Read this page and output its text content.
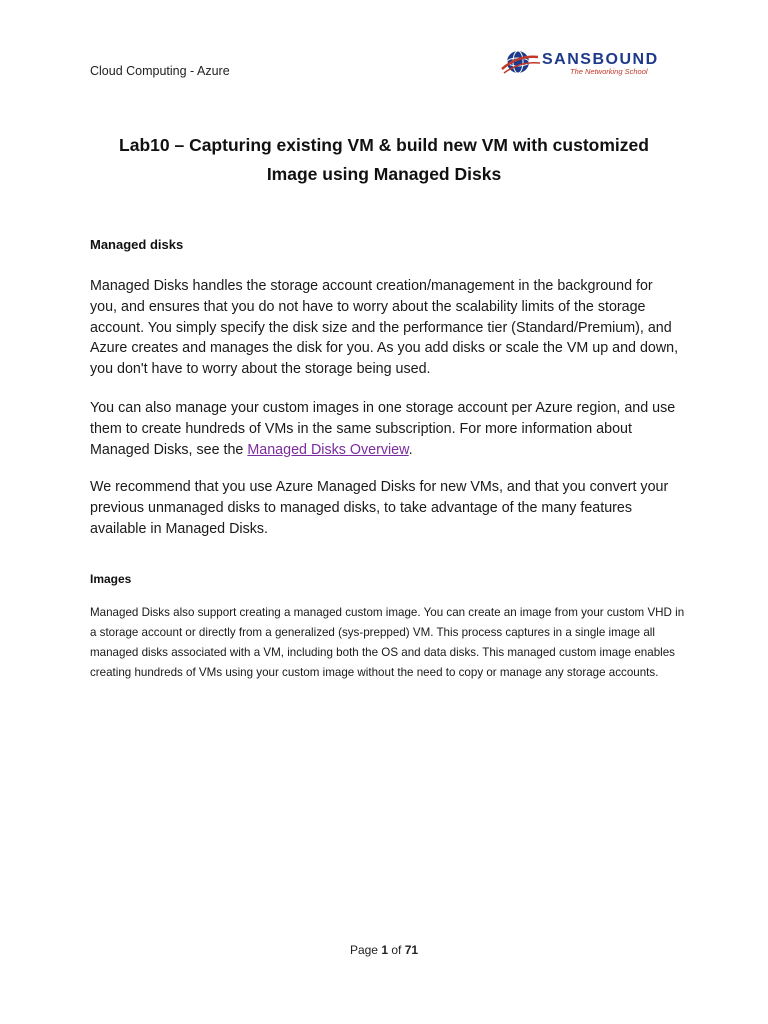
Cloud Computing - Azure
SANSBOUND
The Networking School
Lab10 – Capturing existing VM & build new VM with customized
Image using Managed Disks
Managed disks
Managed Disks handles the storage account creation/management in the background for you, and ensures that you do not have to worry about the scalability limits of the storage account. You simply specify the disk size and the performance tier (Standard/Premium), and Azure creates and manages the disk for you. As you add disks or scale the VM up and down, you don't have to worry about the storage being used.
You can also manage your custom images in one storage account per Azure region, and use them to create hundreds of VMs in the same subscription. For more information about Managed Disks, see the Managed Disks Overview.
We recommend that you use Azure Managed Disks for new VMs, and that you convert your previous unmanaged disks to managed disks, to take advantage of the many features available in Managed Disks.
Images
Managed Disks also support creating a managed custom image. You can create an image from your custom VHD in a storage account or directly from a generalized (sys-prepped) VM. This process captures in a single image all managed disks associated with a VM, including both the OS and data disks. This managed custom image enables creating hundreds of VMs using your custom image without the need to copy or manage any storage accounts.
Page 1 of 71
